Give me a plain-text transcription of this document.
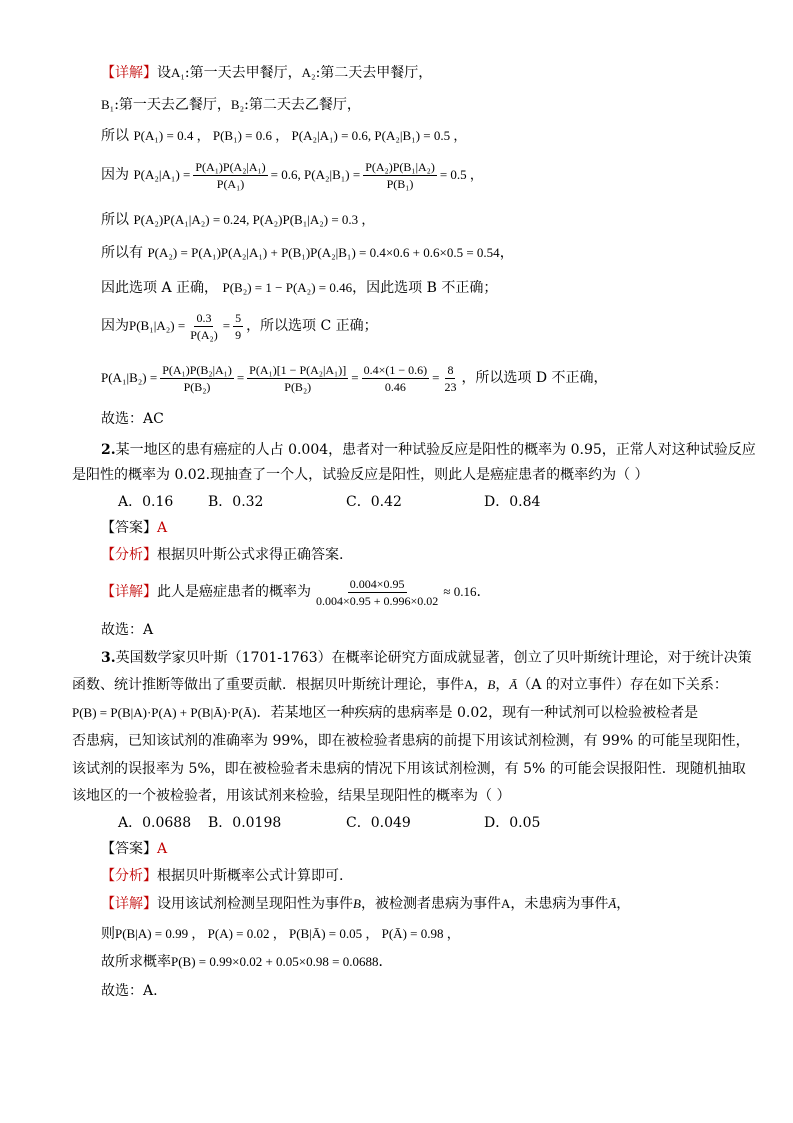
【详解】设A₁:第一天去甲餐厅，A₂:第二天去甲餐厅，
B₁:第一天去乙餐厅，B₂:第二天去乙餐厅，
所以 P(A₁) = 0.4 ， P(B₁) = 0.6 ， P(A₂|A₁) = 0.6, P(A₂|B₁) = 0.5 ，
因为
$P(A_2|A_1) = \frac{\text{P(A₁)P(A₂|A₁)}}{\text{P(A₁)}} = 0.6$, $P(A_2|B_1) = \frac{\text{P(A₂)P(B₁|A₂)}}{\text{P(B₁)}} = 0.5$ ，
所以 P(A₂)P(A₁|A₂) = 0.24, P(A₂)P(B₁|A₂) = 0.3 ，
所以有 P(A₂) = P(A₁)P(A₂|A₁) + P(B₁)P(A₂|B₁) = 0.4×0.6 + 0.6×0.5 = 0.54，
因此选项 A 正确， P(B₂) = 1 − P(A₂) = 0.46，因此选项 B 不正确；
因为 $P(B_1|A_2) = \frac{0.3}{\text{P(A₂)}} = \frac{5}{9}$ ，所以选项 C 正确；
$P(A_1|B_2) = \frac{\text{P(A₁)P(B₂|A₁)}}{\text{P(B₂)}} = \frac{\text{P(A₁)[1 − P(A₂|A₁)]}}{\text{P(B₂)}} = \frac{0.4\times(1 - 0.6)}{0.46} = \frac{8}{23}$ ，所以选项 D 不正确，
故选：AC
2.某一地区的患有癌症的人占 0.004，患者对一种试验反应是阳性的概率为 0.95，正常人对这种试验反应
是阳性的概率为 0.02.现抽查了一个人，试验反应是阳性，则此人是癌症患者的概率约为（ ）
A．0.16 B．0.32	C．0.42	D．0.84
【答案】A
【分析】根据贝叶斯公式求得正确答案.
【详解】 此人是癌症患者的概率为 $\frac{0.004\times 0.95}{0.004\times 0.95 + 0.996\times 0.02} \approx 0.16$ .
故选：A
3.英国数学家贝叶斯（1701-1763）在概率论研究方面成就显著，创立了贝叶斯统计理论，对于统计决策
函数、统计推断等做出了重要贡献．根据贝叶斯统计理论，事件A，B，Ā（A 的对立事件）存在如下关系：
P(B) = P(B|A)·P(A) + P(B|Ā)·P(Ā)．若某地区一种疾病的患病率是 0.02，现有一种试剂可以检验被检者是
否患病，已知该试剂的准确率为 99%，即在被检验者患病的前提下用该试剂检测，有 99% 的可能呈现阳性，
该试剂的误报率为 5%，即在被检验者未患病的情况下用该试剂检测，有 5% 的可能会误报阳性．现随机抽取
该地区的一个被检验者，用该试剂来检验，结果呈现阳性的概率为（ ）
A．0.0688 B．0.0198	C．0.049	D．0.05
【答案】A
【分析】根据贝叶斯概率公式计算即可.
【详解】设用该试剂检测呈现阳性为事件B，被检测者患病为事件A，未患病为事件Ā，
则P(B|A) = 0.99 ， P(A) = 0.02 ， P(B|Ā) = 0.05 ， P(Ā) = 0.98 ，
故所求概率P(B) = 0.99×0.02 + 0.05×0.98 = 0.0688．
故选：A.
